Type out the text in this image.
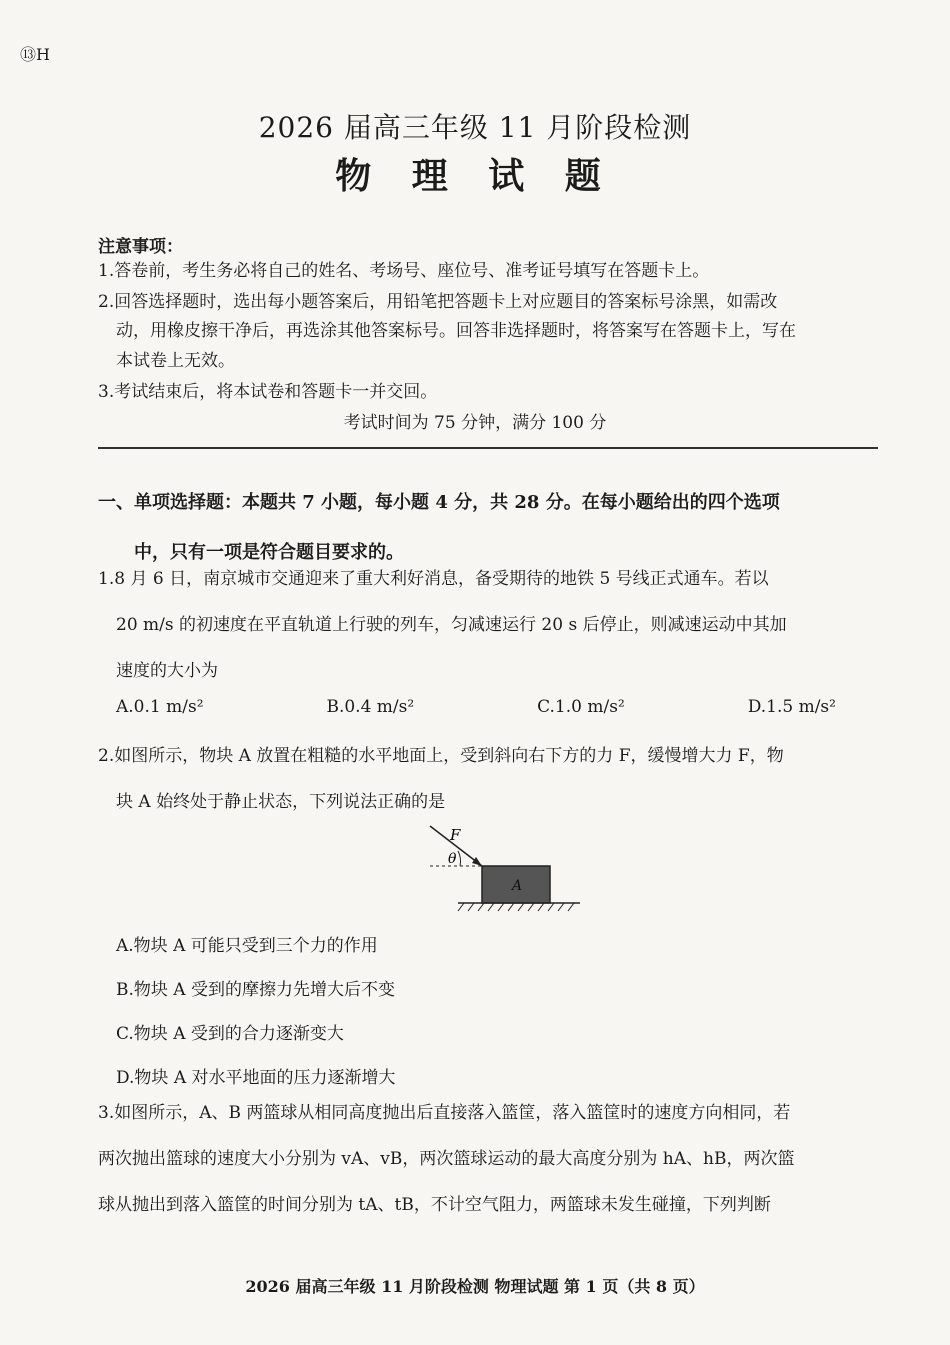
⑬H
2026 届高三年级 11 月阶段检测
物 理 试 题
注意事项：
1.答卷前，考生务必将自己的姓名、考场号、座位号、准考证号填写在答题卡上。
2.回答选择题时，选出每小题答案后，用铅笔把答题卡上对应题目的答案标号涂黑，如需改
动，用橡皮擦干净后，再选涂其他答案标号。回答非选择题时，将答案写在答题卡上，写在
本试卷上无效。
3.考试结束后，将本试卷和答题卡一并交回。
考试时间为 75 分钟，满分 100 分
一、单项选择题：本题共 7 小题，每小题 4 分，共 28 分。在每小题给出的四个选项
中，只有一项是符合题目要求的。
1.8 月 6 日，南京城市交通迎来了重大利好消息，备受期待的地铁 5 号线正式通车。若以
20 m/s 的初速度在平直轨道上行驶的列车，匀减速运行 20 s 后停止，则减速运动中其加
速度的大小为
A.0.1 m/s²	B.0.4 m/s²	C.1.0 m/s²	D.1.5 m/s²
2.如图所示，物块 A 放置在粗糙的水平地面上，受到斜向右下方的力 F，缓慢增大力 F，物
块 A 始终处于静止状态，下列说法正确的是
F
θ
A
A.物块 A 可能只受到三个力的作用
B.物块 A 受到的摩擦力先增大后不变
C.物块 A 受到的合力逐渐变大
D.物块 A 对水平地面的压力逐渐增大
3.如图所示，A、B 两篮球从相同高度抛出后直接落入篮筐，落入篮筐时的速度方向相同，若
两次抛出篮球的速度大小分别为 vA、vB，两次篮球运动的最大高度分别为 hA、hB，两次篮
球从抛出到落入篮筐的时间分别为 tA、tB，不计空气阻力，两篮球未发生碰撞，下列判断
2026 届高三年级 11 月阶段检测 物理试题 第 1 页（共 8 页）
